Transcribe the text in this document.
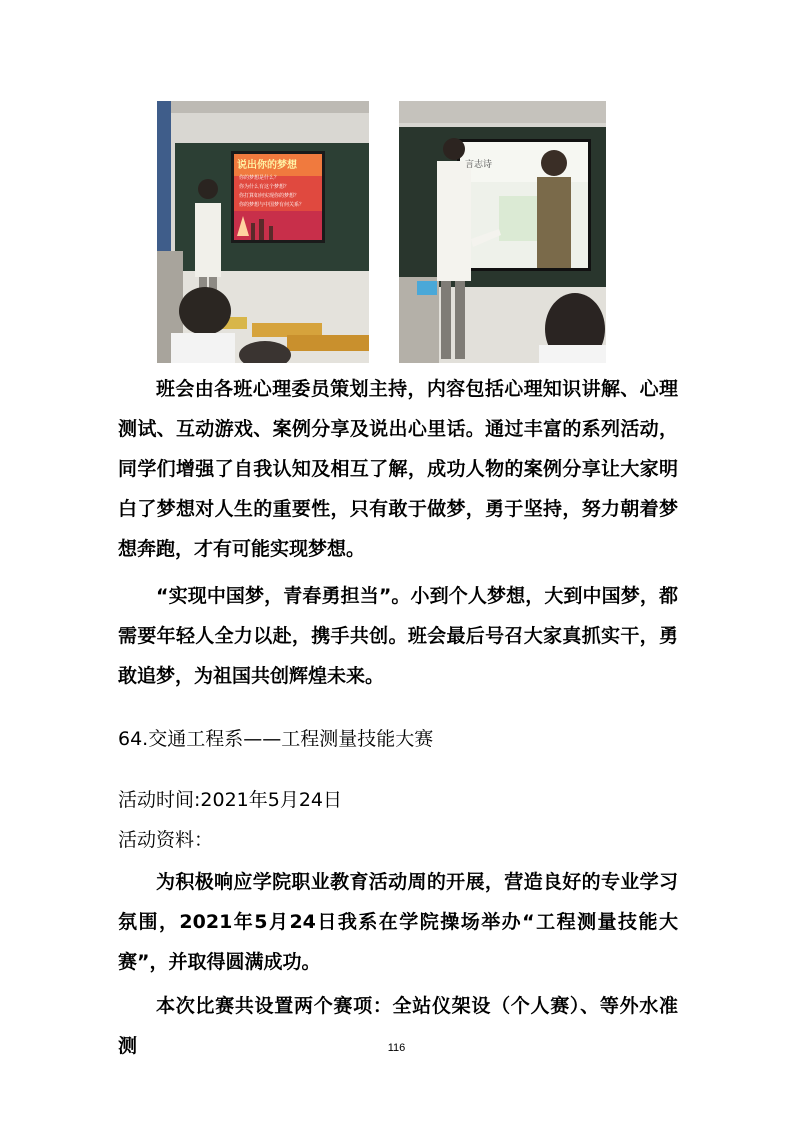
说出你的梦想
你的梦想是什么？
你为什么有这个梦想？
你打算如何实现你的梦想？
你的梦想与中国梦有何关系？
言志诗

班会由各班心理委员策划主持，内容包括心理知识讲解、心理测试、互动游戏、案例分享及说出心里话。通过丰富的系列活动，同学们增强了自我认知及相互了解，成功人物的案例分享让大家明白了梦想对人生的重要性，只有敢于做梦，勇于坚持，努力朝着梦想奔跑，才有可能实现梦想。

“实现中国梦，青春勇担当”。小到个人梦想，大到中国梦，都需要年轻人全力以赴，携手共创。班会最后号召大家真抓实干，勇敢追梦，为祖国共创辉煌未来。

64.交通工程系——工程测量技能大赛
活动时间:2021年5月24日
活动资料：

为积极响应学院职业教育活动周的开展，营造良好的专业学习氛围，2021年5月24日我系在学院操场举办“工程测量技能大赛”，并取得圆满成功。

本次比赛共设置两个赛项：全站仪架设（个人赛）、等外水准测	116
